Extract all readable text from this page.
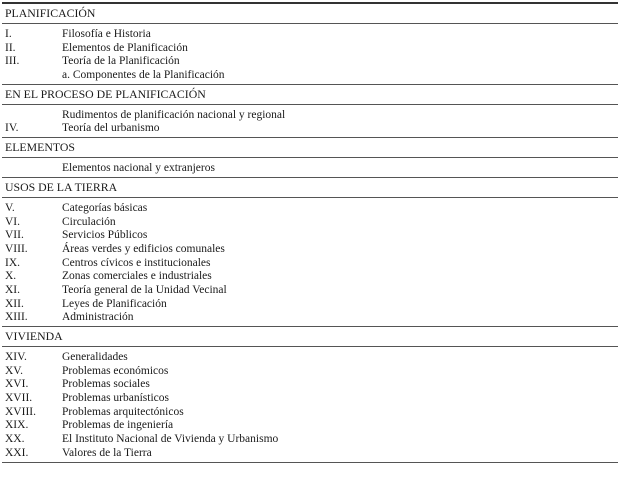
PLANIFICACIÓN
I.	Filosofía e Historia
II.	Elementos de Planificación
III.	Teoría de la Planificación
a. Componentes de la Planificación
EN EL PROCESO DE PLANIFICACIÓN
Rudimentos de planificación nacional y regional
IV.	Teoría del urbanismo
ELEMENTOS
Elementos nacional y extranjeros
USOS DE LA TIERRA
V.	Categorías básicas
VI.	Circulación
VII.	Servicios Públicos
VIII.	Áreas verdes y edificios comunales
IX.	Centros cívicos e institucionales
X.	Zonas comerciales e industriales
XI.	Teoría general de la Unidad Vecinal
XII.	Leyes de Planificación
XIII.	Administración
VIVIENDA
XIV.	Generalidades
XV.	Problemas económicos
XVI.	Problemas sociales
XVII.	Problemas urbanísticos
XVIII.	Problemas arquitectónicos
XIX.	Problemas de ingeniería
XX.	El Instituto Nacional de Vivienda y Urbanismo
XXI.	Valores de la Tierra
